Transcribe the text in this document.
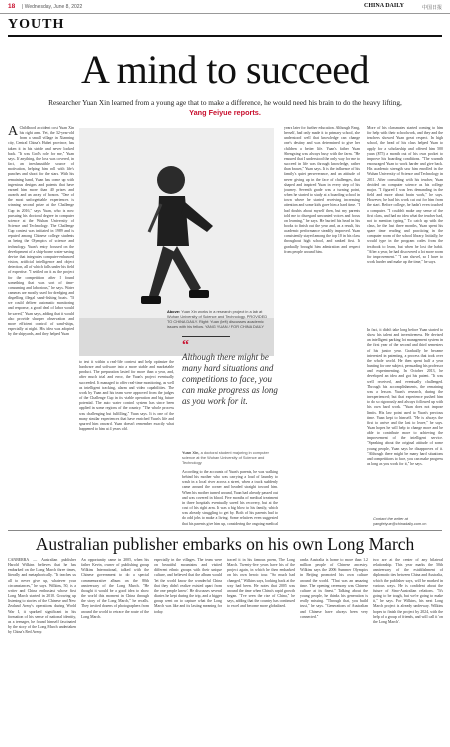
18 | Wednesday, June 8, 2022	CHINA DAILY	中国日报
YOUTH
A mind to succeed
Researcher Yuan Xin learned from a young age that to make a difference, he would need his brain to do the heavy lifting, Yang Feiyue reports.
A Childhood accident cost Yuan Xin his right arm. Yet, the 32-year-old from a small village in Xianning city, Central China's Hubei province, has taken it in his stride and never looked back. "It was God's role for me," Yuan says. If anything, the loss was covered, in fact, an inexhaustible source of motivation, helping him roll with life's punches and shoot for the stars. With his remaining hand, Yuan has come up with ingenious designs and patents that have earned him more than 40 prizes and awards and an array of honors. "One of the most unforgettable experiences is winning second prize at the Challenge Cup in 2016," says Yuan, who is now pursuing his doctoral degree in computer science at the Wuhan University of Science and Technology. The Challenge Cup contest was initiated in 1989 and is reputed among Chinese college students as being the Olympics of science and technology. Yuan's entry focused on the development of a ship-borne water-saving device that integrates computer-enhanced vision, artificial intelligence and object detection, all of which falls under his field of expertise. "I settled on it as the project for the competition after I found something that was sort of time-consuming and laborious," he says. Water cameras are mostly used for dredging and dispelling illegal sand-fishing boats. "If we could deliver automatic monitoring and response, a good deal of labor would be saved," Yuan says, adding that it would also provide sharper observation and more efficient control of sand-ships, especially at night. His idea was adopted by the shipyards, and they helped Yuan
Above: Yuan Xin works in a research project in a lab at Wuhan University of Science and Technology. PROVIDED TO CHINA DAILY. Right: Yuan (left) discusses academic issues with his fellow. YANG YUAN / FOR CHINA DAILY
to test it within a real-life context and help optimize the hardware and software into a more stable and marketable product. The preparation lasted for more than a year, and, after much trial and error, the Yuan's project eventually succeeded. It managed to offer real-time monitoring, as well as intelligent tracking, alarm and video capabilities. The work by Yuan and his team were approved from the judges of the Challenge Cup in its viable operation and big future potential. The auto water control system has since been applied in some regions of the country. "The whole process was challenging but fulfilling," Yuan says. It is one of the many similar experiences that have enriched Yuan's life and spurred him onward. Yuan doesn't remember exactly what happened to him at 4 years old.
“
Although there might be many hard situations and competitions to face, you can make progress as long as you work for it.
Yuan Xin, a doctoral student majoring in computer science at the Wuhan University of Science and Technology
According to the accounts of Yuan's parents, he was walking behind his mother who was carrying a load of laundry to wash in a local river across a street, when a truck suddenly came around the corner and headed straight toward him. When his mother turned around, Yuan had already passed out and was covered in blood. Five months of medical treatment in three hospitals eventually saved his recovery, but at the cost of his right arm. It was a big blow to his family, which was already struggling to get by. Both of his parents had to do odd jobs to make a living. Some relatives even suggested that his parents give him up, considering the ongoing medical
years later for further education. Although Fang, herself, had only made it to primary school, she understood well that knowledge can change one's destiny and was determined to give her children a better life. Yuan's father Yuan Shengxing was always busy with the farm. "He ensured that I understood the only way for me to succeed in life was through knowledge, rather than brawn," Yuan says. It is the influence of his family's quiet perseverance, and an attitude of never giving up in the face of challenges, that shaped and inspired Yuan in every step of his journey. Seventh grade was a turning point, when he started to study at a boarding school in town where he started receiving increasing attention and some kids gave him a hard time. "I had doubts about myself then, but my parents told me to disregard unwanted voices and focus on learning," he says. He buried his head in his books to finish out the year and, as a result, his academic performance steadily improved. Yuan consistently stayed among the top 10 in his class throughout high school, and ranked first. It gradually brought him admiration and respect from people around him.
More of his classmates started coming to him for help with their schoolwork, and they and the teachers showed Yuan great respect. In high school, the head of his class helped Yuan to apply for a scholarship and offered him 500 yuan ($75) a month out of his own pocket to improve his boarding conditions. "The warmth encouraged Yuan to work harder and give back. His academic strength saw him enrolled in the Wuhan University of Science and Technology in 2011. After consulting with his teacher, Yuan decided on computer science as his college major. "I figured I was less demanding in the field and more about brain work," he says. However, he had his work cut out for him from the start. Before college, he hadn't even touched a computer. "I couldn't make any sense of the first class, and had no idea what the teacher had, not to mention typing." To catch up with the class, he the last three months, Yuan spent his spare time reading and practicing in the computer room of the school library. Initially, he would type in the program codes from the textbook to learn, but when he lost the habit. "After a year, he had discovered a lot more room for improvement." "I can shovel, so I have to work harder and make up the time," he says.
In fact, it didn't take long before Yuan started to show his talent and inventiveness. He devised an intelligent parking lot management system in the first year of the second and third semesters of his junior year. Gradually he became interested in patenting, a process that took over the whole world. He then spent half a year hunting for one subject, persuading his professor and experimenting. In October 2013, he developed an idea and got his patent. "It was well received, and eventually challenged. Through his accomplishments, the remaining was a lesson. Yuan's research, during the inexperienced; but that experience pushed him to do so rigorously and always followed up with his own hard work. "Yuan does not impose limits. His law point used to Yuan's precious time. Yuan kept to himself. "He is always the first to arrive and the last to leave," he says. Yuan hopes he will help to change more and be able to contribute more to achieving the improvement of the intelligent service. "Speaking about the original attitude of some young people, Yuan says he disapproves of it. "Although there might be many hard situations and competitions to face, you can make progress as long as you work for it," he says.
Contact the writer at
yangfeiyue@chinadaily.com.cn
Australian publisher embarks on his own Long March
CANBERRA — Australian publisher Harold Wilkins believes that he has embarked on the Long March three times, literally and metaphorically. "It teaches us all to never give up, whatever your circumstances," he says. Wilkins, 50, is a writer and China enthusiast whose first Long March started in 2010. Growing up listening to stories of the Chinese and New Zealand Army's operations during World War I, it sparked significant in his formation of his sense of national identity, as a teenager, he found himself fascinated by the story of the Long March undertaken by China's Red Army.
An opportunity came in 2005, when his father Kevin, owner of publishing group Wilkins International, talked with the Chinese government to do a special commemorative album on the 80th anniversary of the Long March. "He thought it would be a good idea to show the world this moment in China through the story of the Long March," he recalls. They invited dozens of photographers from around the world to retrace the route of the Long March.
especially in the villages. The team were on beautiful mountains and visited different ethnic groups with their unique culture, and believed that the album would 'let the world know the wonderful China that they didn't realize existed apart from the one people knew'. He discusses several diaries he kept during the trip, and a bigger group went on to capture what the Long March was like and its lasting meaning for today.
traced it in his famous poem, The Long March. Twenty-five years have his of the project again, in which he then embarked on his own heroic tour. "So much had changed," Wilkins says, looking back at the way had been. He notes that 2005 was around the time when China's rapid growth began. "I've seen the rise of China," he says, adding that the country has continued to excel and become more globalized.
ranks Australia is home to more than 1.2 million people of Chinese ancestry. Wilkins says the 2006 Summer Olympics in Beijing promoted his own culture around the world. "That was an amazing time. The opening ceremony was Chinese culture at its finest." Talking about the young people, he thinks his generation is really missing. "Through that, you build trust," he says. "Generations of Australian and Chinese have always been very connected."
two are at the center of any bilateral relationship. This year marks the 50th anniversary of the establishment of diplomatic ties between China and Australia, which the publisher says, will be marked in various ways. He is confident about the future of Sino-Australian relations. "It's going to be tough, but we're going to make it," he says. For Wilkins, his next Long March project is already underway. Wilkins hopes to finish the project by 2024, with the help of a group of friends, and will call it 'on the Long March'.
